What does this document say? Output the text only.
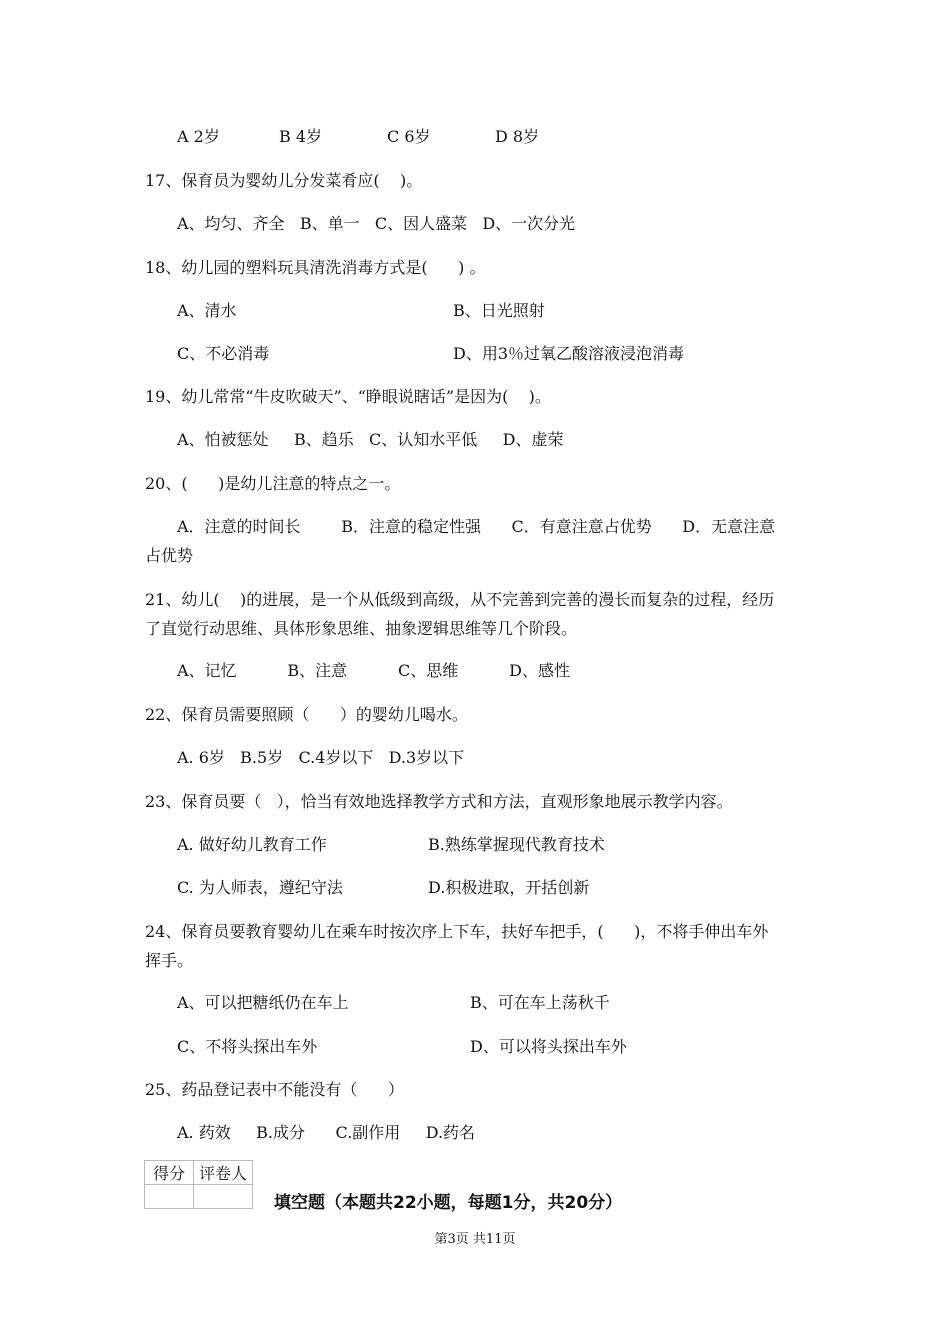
A 2岁	B 4岁	C 6岁	D 8岁
17、保育员为婴幼儿分发菜肴应(    )。
A、均匀、齐全   B、单一   C、因人盛菜   D、一次分光
18、幼儿园的塑料玩具清洗消毒方式是(      ) 。
A、清水	B、日光照射
C、不必消毒	D、用3％过氧乙酸溶液浸泡消毒
19、幼儿常常“牛皮吹破天”、“睁眼说瞎话”是因为(    )。
A、怕被惩处     B、趋乐   C、认知水平低     D、虚荣
20、(      )是幼儿注意的特点之一。
A．注意的时间长        B．注意的稳定性强      C．有意注意占优势      D．无意注意
占优势
21、幼儿(    )的进展，是一个从低级到高级，从不完善到完善的漫长而复杂的过程，经历
了直觉行动思维、具体形象思维、抽象逻辑思维等几个阶段。
A、记忆          B、注意          C、思维          D、感性
22、保育员需要照顾（      ）的婴幼儿喝水。
A. 6岁   B.5岁   C.4岁以下   D.3岁以下
23、保育员要（   ），恰当有效地选择教学方式和方法，直观形象地展示教学内容。
A. 做好幼儿教育工作	B.熟练掌握现代教育技术
C. 为人师表，遵纪守法	D.积极进取，开括创新
24、保育员要教育婴幼儿在乘车时按次序上下车，扶好车把手，(      )，不将手伸出车外
挥手。
A、可以把糖纸仍在车上	B、可在车上荡秋千
C、不将头探出车外	D、可以将头探出车外
25、药品登记表中不能没有（      ）
A. 药效     B.成分      C.副作用     D.药名
得分	评卷人

填空题（本题共22小题，每题1分，共20分）
第3页 共11页
